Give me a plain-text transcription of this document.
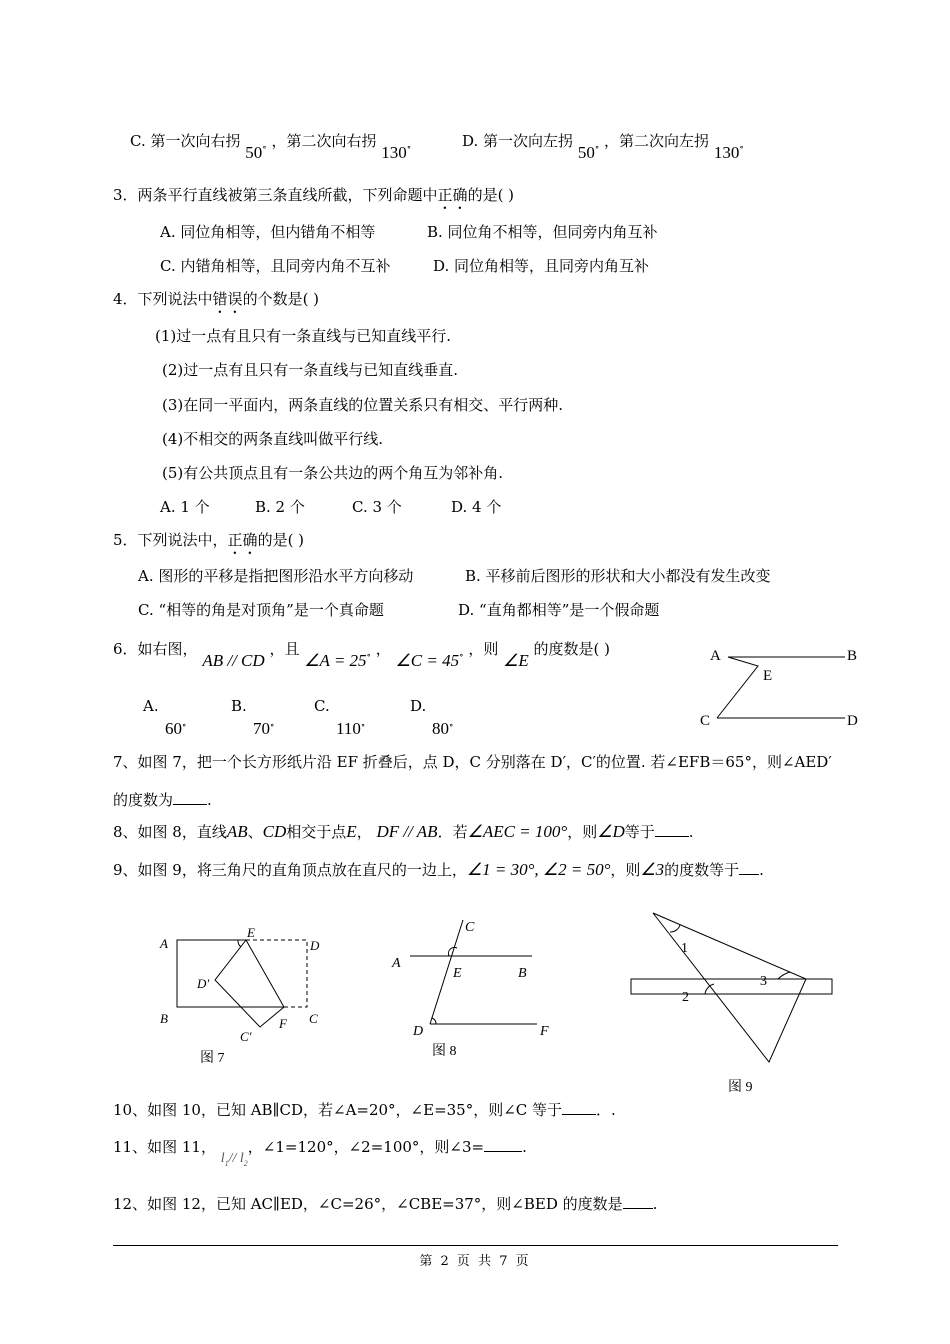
C. 第一次向右拐 50∘ ，第二次向右拐 130∘	D. 第一次向左拐 50∘ ，第二次向左拐 130∘
3．两条平行直线被第三条直线所截，下列命题中正确的是( )
A. 同位角相等，但内错角不相等	B. 同位角不相等，但同旁内角互补
C. 内错角相等，且同旁内角不互补	D. 同位角相等，且同旁内角互补
4．下列说法中错误的个数是( )
(1)过一点有且只有一条直线与已知直线平行.
(2)过一点有且只有一条直线与已知直线垂直.
(3)在同一平面内，两条直线的位置关系只有相交、平行两种.
(4)不相交的两条直线叫做平行线.
(5)有公共顶点且有一条公共边的两个角互为邻补角.
A. 1 个	B. 2 个	C. 3 个	D. 4 个
5．下列说法中，正确的是( )
A. 图形的平移是指把图形沿水平方向移动	B. 平移前后图形的形状和大小都没有发生改变
C. “相等的角是对顶角”是一个真命题	D. “直角都相等”是一个假命题
6．如右图， AB // CD ，且 ∠A = 25∘ ， ∠C = 45∘ ，则 ∠E 的度数是( )
A.
60∘
B.
70∘
C.
110∘
D.
80∘
A	B
E
C	D
7、如图 7，把一个长方形纸片沿 EF 折叠后，点 D，C 分别落在 D′，C′的位置. 若∠EFB＝65°，则∠AED′
的度数为 .
8、如图 8，直线AB、CD相交于点E， DF // AB．若∠AEC = 100°，则∠D等于 .
9、如图 9，将三角尺的直角顶点放在直尺的一边上，∠1 = 30°, ∠2 = 50°，则∠3的度数等于 .
A
E
D
D′
B
C′
F C
图 7
C
A
E	B
D	F
图 8
1
3
2
图 9
10、如图 10，已知 AB∥CD，若∠A=20°，∠E=35°，则∠C 等于 ．.
11、如图 11， $l_1//$ $l_2$，∠1=120°，∠2=100°，则∠3=	.
12、如图 12，已知 AC∥ED，∠C=26°，∠CBE=37°，则∠BED 的度数是 .
第 2 页 共 7 页
